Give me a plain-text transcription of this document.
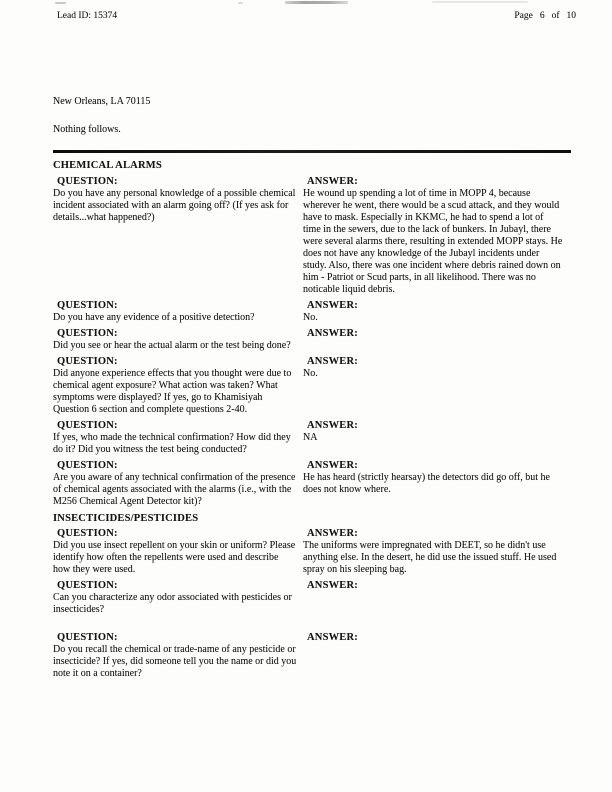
Lead ID: 15374	Page 6 of 10
New Orleans, LA 70115
Nothing follows.
CHEMICAL ALARMS
QUESTION:
Do you have any personal knowledge of a possible chemical incident associated with an alarm going off? (If yes ask for details...what happened?)
ANSWER:
He wound up spending a lot of time in MOPP 4, because wherever he went, there would be a scud attack, and they would have to mask. Especially in KKMC, he had to spend a lot of time in the sewers, due to the lack of bunkers. In Jubayl, there were several alarms there, resulting in extended MOPP stays. He does not have any knowledge of the Jubayl incidents under study. Also, there was one incident where debris rained down on him - Patriot or Scud parts, in all likelihood. There was no noticable liquid debris.
QUESTION:
Do you have any evidence of a positive detection?
ANSWER:
No.
QUESTION:
Did you see or hear the actual alarm or the test being done?
ANSWER:
QUESTION:
Did anyone experience effects that you thought were due to chemical agent exposure? What action was taken? What symptoms were displayed? If yes, go to Khamisiyah Question 6 section and complete questions 2-40.
ANSWER:
No.
QUESTION:
If yes, who made the technical confirmation? How did they do it? Did you witness the test being conducted?
ANSWER:
NA
QUESTION:
Are you aware of any technical confirmation of the presence of chemical agents associated with the alarms (i.e., with the M256 Chemical Agent Detector kit)?
ANSWER:
He has heard (strictly hearsay) the detectors did go off, but he does not know where.
INSECTICIDES/PESTICIDES
QUESTION:
Did you use insect repellent on your skin or uniform? Please identify how often the repellents were used and describe how they were used.
ANSWER:
The uniforms were impregnated with DEET, so he didn't use anything else. In the desert, he did use the issued stuff. He used spray on his sleeping bag.
QUESTION:
Can you characterize any odor associated with pesticides or insecticides?
ANSWER:
QUESTION:
Do you recall the chemical or trade-name of any pesticide or insecticide? If yes, did someone tell you the name or did you note it on a container?
ANSWER:
